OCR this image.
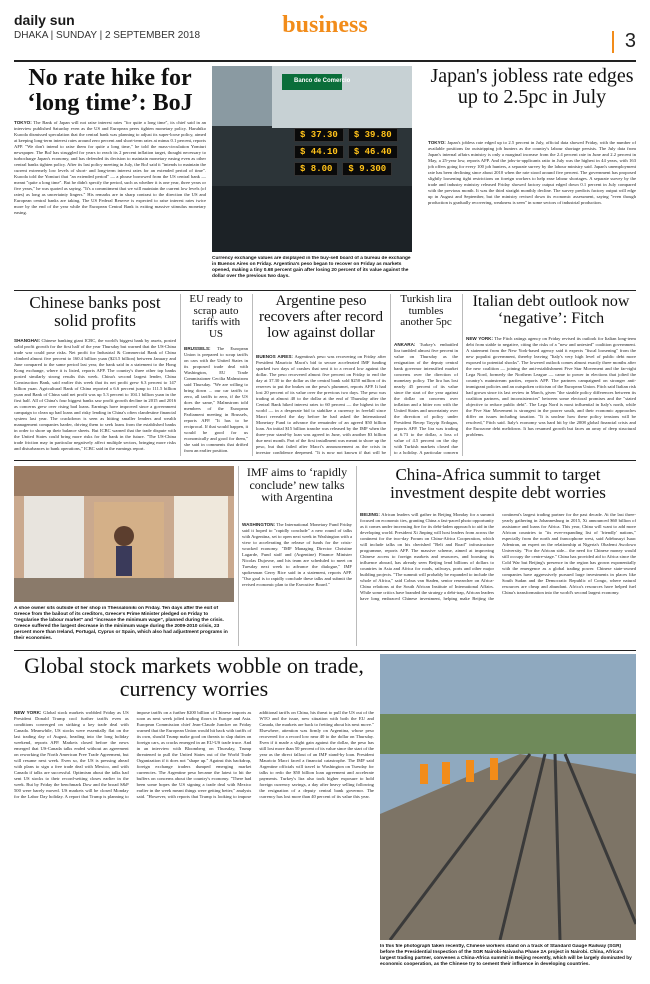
daily sun
DHAKA | SUNDAY | 2 SEPTEMBER 2018	business
3
No rate hike for ‘long time’: BoJ

TOKYO: The Bank of Japan will not raise interest rates "for quite a long time", its chief said in an interview published Saturday even as the US and European peers tighten monetary policy. Haruhiko Kuroda dismissed speculation that the central bank was planning to adjust its super-loose policy, aimed at keeping long-term interest rates around zero percent and short-term rates at minus 0.1 percent, reports AFP. "We don't intend to raise them for quite a long time," he told the mass-circulation Yomiuri newspaper. The BoJ has struggled for years to reach its 2 percent inflation target, thought necessary to turbocharge Japan's economy, and has defended its decision to maintain monetary easing even as other central banks tighten policy. After its last policy meeting in July, the BoJ said it "intends to maintain the current extremely low levels of short- and long-term interest rates for an extended period of time". Kuroda told the Yomiuri that "an extended period" — a phrase borrowed from the US central bank — meant "quite a long time". But he didn't specify the period, such as whether it is one year, three years or five years," he was quoted as saying. "It's a commitment that we will maintain the current low levels (of rates) as long as uncertainty lingers." His remarks are in sharp contrast to the direction the US and European central banks are taking. The US Federal Reserve is expected to raise interest rates twice more by the end of the year while the European Central Bank is exiting massive stimulus monetary easing.

Banco de Comercio
$ 37.30	$ 39.80
$ 44.10	$ 46.40
$ 8.00	$ 9.300
Currency exchange values are displayed in the buy-sell board of a bureau de exchange in Buenos Aires on Friday. Argentina's peso began to recover on Friday as markets opened, making a tiny 0.68 percent gain after losing 20 percent of its value against the dollar over the previous two days.
Japan's jobless rate edges up to 2.5pc in July

TOKYO: Japan's jobless rate edged up to 2.5 percent in July, official data showed Friday, with the number of available positions far outstripping job hunters as the country's labour shortage persists. The July data from Japan's internal affairs ministry is only a marginal increase from the 2.4 percent rate in June and 2.2 percent in May, a 25-year low, reports AFP. And the jobs-to-applicants ratio in July was the highest in 44 years, with 163 job offers going for every 100 job hunters, a separate survey by the labour ministry said. Japan's unemployment rate has been declining since about 2010 when the rate stood around five percent. The government has proposed slightly loosening tight restrictions on foreign workers to help ease labour shortages. A separate survey by the trade and industry ministry released Friday showed factory output edged down 0.1 percent in July compared with the previous month. It was the third straight monthly decline. The survey predicts factory output will edge up in August and September, but the ministry revised down its economic assessment, saying "even though production is gradually recovering, weakness is seen" in some sectors of industrial production.

Chinese banks post solid profits

SHANGHAI: Chinese banking giant ICBC, the world's biggest bank by assets, posted solid profit growth for the first half of the year Thursday but warned that the US-China trade war could pose risks. Net profit for Industrial & Commercial Bank of China climbed almost five percent to 160.4 billion yuan ($23.5 billion) between January and June compared to the same period last year, the bank said in a statement to the Hong Kong exchange, where it is listed, reports AFP. The country's three other top banks posted similarly strong results this week. China's second largest lender, China Construction Bank, said earlier this week that its net profit grew 6.3 percent to 147 billion yuan. Agricultural Bank of China reported a 6.6 percent jump to 111.5 billion yuan and Bank of China said net profit was up 5.3 percent to 104.1 billion yuan in the first half. All of China's four biggest banks saw profit growth decline in 2015 and 2016 as concerns grew over rising bad loans. Earnings have improved since a government campaign to clean up bad loans and risky lending in China's often clandestine financial system last year. The crackdown is seen as hitting smaller lenders and wealth management companies harder, driving them to seek loans from the established banks in order to shore up their balance sheets. But ICBC warned that the trade dispute with the United States could bring more risks for the bank in the future. "The US-China trade friction may in particular negatively affect multiple sectors, bringing more risks and disturbances to bank operations," ICBC said in the earnings report.

EU ready to scrap auto tariffs with US

BRUSSELS: The European Union is prepared to scrap tariffs on cars with the United States in its proposed trade deal with Washington, EU Trade Commissioner Cecilia Malmstrom said Thursday. "We are willing to bring down ... our car tariffs to zero, all tariffs to zero, if the US does the same," Malmstrom told members of the European Parliament meeting in Brussels, reports AFP. "It has to be reciprocal. If that would happen, it would be good for us economically and good for them," she said in comments that drifted from an earlier position.

Argentine peso recovers after record low against dollar

BUENOS AIRES: Argentina's peso was recovering on Friday after President Mauricio Macri's bid to secure accelerated IMF funding sparked two days of crashes that sent it to a record low against the dollar. The peso recovered almost five percent on Friday to end the day at 37.30 to the dollar as the central bank sold $250 million of its reserves to put the brakes on the peso's plummet, reports AFP. It had lost 20 percent of its value over the previous two days. The peso was trading at almost 40 to the dollar at the end of Thursday after the Central Bank hiked interest rates to 60 percent — the highest in the world — in a desperate bid to stabilize a currency in freefall since Macri revealed the day before he had asked the International Monetary Fund to advance the remainder of an agreed $50 billion loan. An initial $15 billion tranche was released by the IMF when the three-year stand-by loan was agreed in June, with another $3 billion due next month. Part of the first installment was meant to shore up the peso, but that failed after Macri's announcement as the crisis in investor confidence deepened. "It is now not known if that will be

Turkish lira tumbles another 5pc

ANKARA: Turkey's embattled lira tumbled almost five percent in value on Thursday as the resignation of the deputy central bank governor intensified market concerns over the direction of monetary policy. The lira has lost nearly 45 percent of its value since the start of the year against the dollar on concerns over inflation and a bitter row with the United States and uncertainty over the direction of policy under President Recep Tayyip Erdogan, reports AFP. The lira was trading at 6.73 to the dollar, a loss of value of 4.5 percent on the day with Turkish markets closed due to a holiday. A particular concern

Italian debt outlook now ‘negative’: Fitch

NEW YORK: The Fitch ratings agency on Friday revised its outlook for Italian long-term debt from stable to negative, citing the risks of a "new and untested" coalition government. A statement from the New York-based agency said it expects "fiscal loosening" from the new populist government, thereby leaving "Italy's very high level of public debt more exposed to potential shocks". The lowered outlook comes almost exactly three months after the new coalition — joining the anti-establishment Five Star Movement and the far-right Lega Nord, formerly the Northern League — came to power in elections that jolted the country's mainstream parties, reports AFP. The partners campaigned on stronger anti-immigrant policies and an outspoken criticism of the European Union. Fitch said Italian risk had grown since its last review in March, given "the sizable policy differences between its coalition partners, and inconsistencies" between some electoral promises and the "stated objective to reduce public debt". The Lega Nord is most influential in Italy's north, while the Five Star Movement is strongest in the poorer south, and their economic approaches differ on issues including taxation. "It is unclear how these policy tensions will be resolved," Fitch said. Italy's economy was hard hit by the 2008 global financial crisis and the Eurozone debt meltdown. It has resumed growth but faces an array of deep structural problems.

IMF aims to ‘rapidly conclude’ new talks with Argentina

WASHINGTON: The International Monetary Fund Friday said it hoped to "rapidly conclude" a new round of talks with Argentina, set to open next week in Washington with a view to accelerating the release of funds for the crisis-wracked economy. "IMF Managing Director Christine Lagarde, Fund staff and (Argentine) Finance Minister Nicolas Dujovne, and his team are scheduled to meet on Tuesday next week to advance the dialogue," IMF spokesman Gerry Rice said in a statement, reports AFP. "Our goal is to rapidly conclude these talks and submit the revised economic plan to the Executive Board."

China-Africa summit to target investment despite debt worries

BEIJING: African leaders will gather in Beijing Monday for a summit focused on economic ties, granting China a fast-paced photo opportunity as it comes under increasing fire for its debt-laden approach to aid in the developing world. President Xi Jinping will host leaders from across the continent for the two-day Forum on China-Africa Cooperation, which will include talks on his cherished "Belt and Road" infrastructure programme, reports AFP. The massive scheme, aimed at improving Chinese access to foreign markets and resources, and boosting its influence abroad, has already seen Beijing lend billions of dollars to countries in Asia and Africa for roads, railways, ports and other major building projects. "The summit will probably be expanded to include the whole of Africa," said Cobus van Staden, senior researcher on Africa-China relations at the South African Institute of International Affairs. While some critics have branded the strategy a debt-trap, African leaders have long embraced Chinese investment, helping make Beijing the continent's largest trading partner for the past decade. At the last three-yearly gathering in Johannesburg in 2015, Xi announced $60 billion of assistance and loans for Africa. This year, China will want to add more African countries to "its ever-expanding list of 'friendly' nations," especially from the north and francophone west, said Adebusuyi Isaac Adeniran, an expert on the relationship at Nigeria's Obafemi Awolowo University. "For the African side... the need for Chinese money would still occupy the centre-stage." China has provided aid to Africa since the Cold War but Beijing's presence in the region has grown exponentially with the emergence as a global trading power. Chinese state-owned companies have aggressively pursued large investments in places like South Sudan and the Democratic Republic of Congo, where natural resources are cheap and abundant. Africa's resources have helped fuel China's transformation into the world's second largest economy.

A shoe owner sits outside of her shop in Thessaloniki on Friday. Ten days after the exit of Greece from the bailout of its creditors, Greece's Prime Minister pledged on Friday to "regularise the labour market" and "increase the minimum wage", planned during the crisis. Greece suffered the largest decrease in the minimum wage during the 2009-2010 crisis, 23 percent more than Ireland, Portugal, Cyprus or Spain, which also had adjustment programs in their economies.
Global stock markets wobble on trade, currency worries

NEW YORK: Global stock markets wobbled Friday as US President Donald Trump cool further tariffs even as conditions converged on striking a key trade deal with Canada. Meanwhile, US stocks were essentially flat on the last trading day of August, heading into the long holiday weekend, reports AFP. Markets closed before the news emerged that US-Canada talks ended without an agreement on reworking the North American Free Trade Agreement, but will resume next week. Even so, the US is pressing ahead with plans to sign a free trade deal with Mexico, and with Canada if talks are successful. Optimism about the talks had sent US stocks to their record-setting closes earlier in the week. But by Friday the benchmark Dow and the broad S&P 500 were barely moved. US markets will be closed Monday for the Labor Day holiday. A report that Trump is planning to impose tariffs on a further $200 billion of Chinese imports as soon as next week jolted trading floors in Europe and Asia. European Commission chief Jean-Claude Juncker on Friday warned that the European Union would hit back with tariffs of its own, should Trump make good on threats to slap duties on foreign cars, as cracks emerged in an EU-US trade truce. And in an interview with Bloomberg on Thursday, Trump threatened to pull the United States out of the World Trade Organization if it does not "shape up." Against this backdrop, foreign exchange traders dumped emerging market currencies. The Argentine peso became the latest to hit the buffers on concerns about the country's economy. "There had been some hopes the US signing a trade deal with Mexico earlier in the week meant things were getting better," analysts said. "However, with reports that Trump is looking to impose additional tariffs on China, his threat to pull the US out of the WTO and the issue, new situation with both the EU and Canada, the markets are back to fretting about his next move." Elsewhere, attention was firmly on Argentina, whose peso recovered for a record low near 40 to the dollar on Thursday. Even if it made a slight gain against the dollar, the peso has still lost more than 50 percent of its value since the start of the year as the direct fallout of an IMF stand-by loan. President Mauricio Macri faced a financial catastrophe. The IMF said Argentine officials will travel to Washington on Tuesday for talks to redo the $50 billion loan agreement and accelerate payments. Turkey's lira also took higher exposure to hold foreign currency savings, a day after heavy selling following the resignation of a deputy central bank governor. The currency has lost more than 40 percent of its value this year.

In this file photograph taken recently, Chinese workers stand on a track of Standard Gauge Railway (SGR) before the Presidential Inspection of the SGR Nairobi-Naivasha Phase 2A project in Nairobi. China, Africa's largest trading partner, convenes a China-Africa summit in Beijing recently, which will be largely dominated by economic cooperation, as the Chinese try to cement their influence in developing countries.
